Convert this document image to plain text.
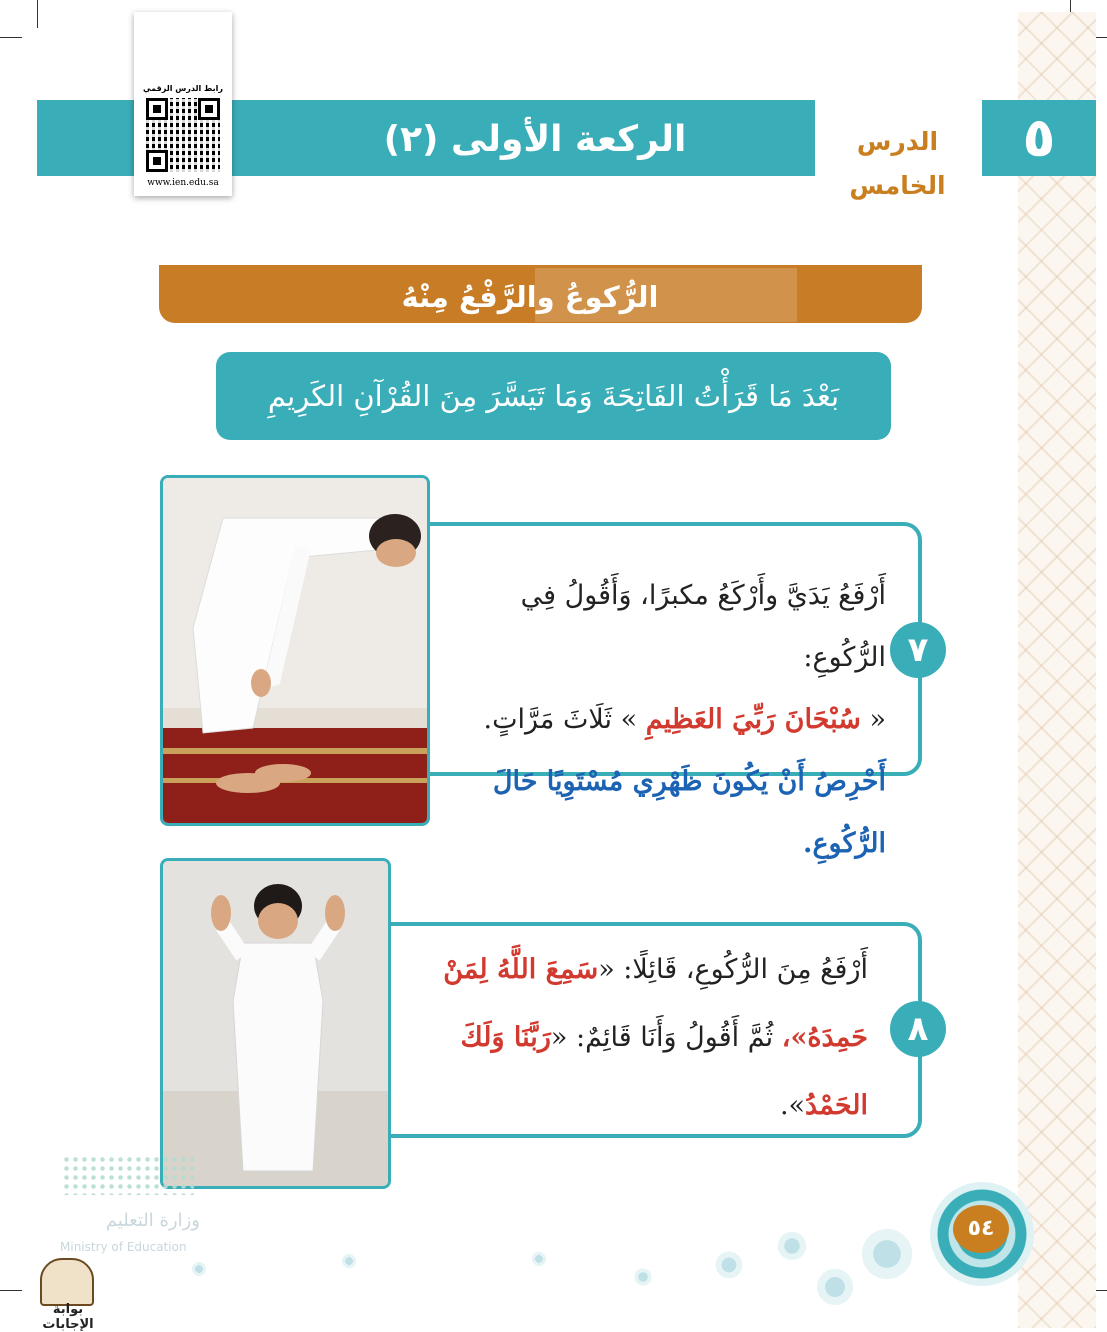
الركعة الأولى (٢)	الدرس الخامس
٥
رابط الدرس الرقمي
www.ien.edu.sa
الرُّكوعُ والرَّفْعُ مِنْهُ
بَعْدَ مَا قَرَأْتُ الفَاتِحَةَ وَمَا تَيَسَّرَ مِنَ القُرْآنِ الكَرِيمِ
٧
أَرْفَعُ يَدَيَّ وأَرْكَعُ مكبرًا، وَأَقُولُ فِي الرُّكُوعِ:
« سُبْحَانَ رَبِّيَ العَظِيمِ » ثَلَاثَ مَرَّاتٍ.
أَحْرِصُ أَنْ يَكُونَ ظَهْرِي مُسْتَوِيًا حَالَ الرُّكُوعِ.
٨
أَرْفَعُ مِنَ الرُّكُوعِ، قَائِلًا: «سَمِعَ اللَّهُ لِمَنْ
حَمِدَهُ»، ثُمَّ أَقُولُ وَأَنَا قَائِمٌ: «رَبَّنَا وَلَكَ
الحَمْدُ».
٥٤
وزارة التعليم
Ministry of Education
بوابة الإجابات
